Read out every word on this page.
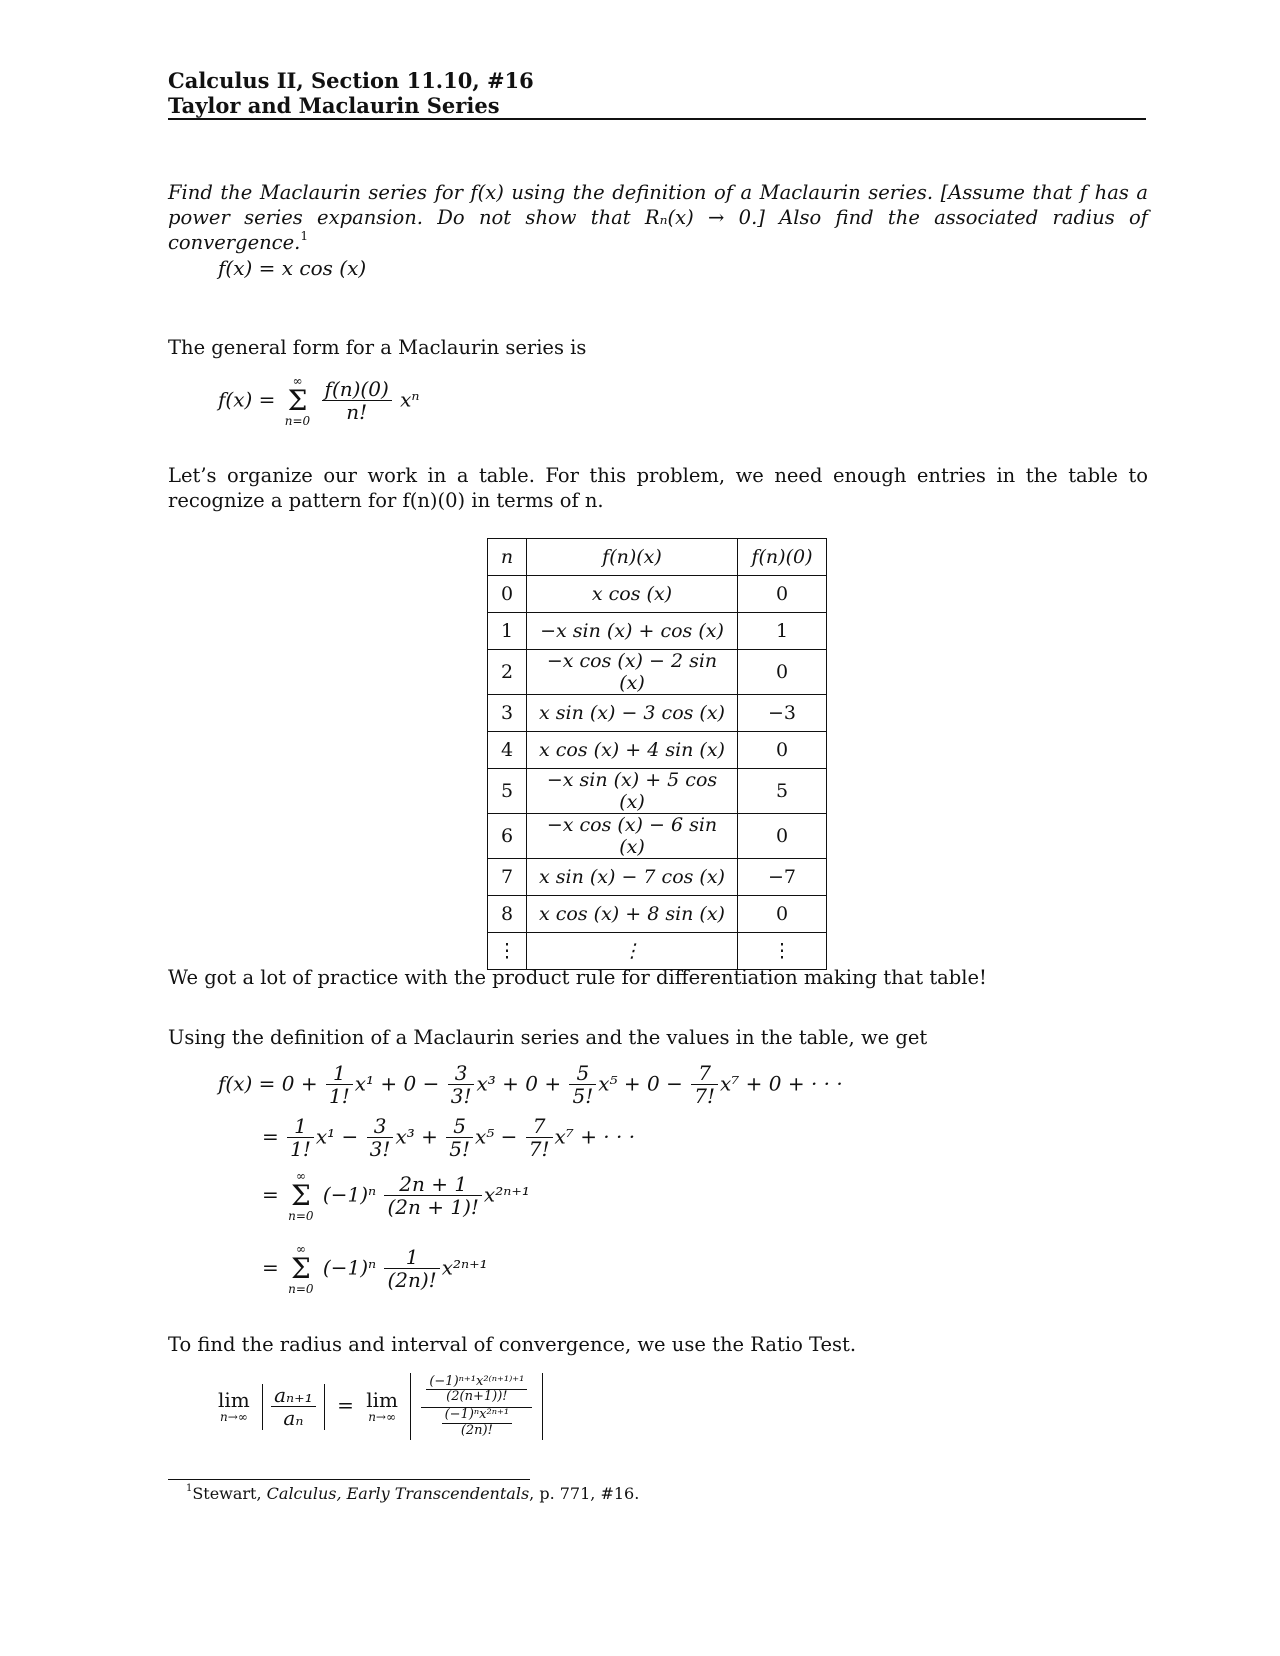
Calculus II, Section 11.10, #16
Taylor and Maclaurin Series
Find the Maclaurin series for f(x) using the definition of a Maclaurin series. [Assume that f has a power series expansion. Do not show that Rₙ(x) → 0.] Also find the associated radius of convergence.$^1$
f(x) = x cos (x)
The general form for a Maclaurin series is
f(x) =
∞
Σ
n=0
$\frac{f(n)(0)}{n!}$ xⁿ
Let’s organize our work in a table. For this problem, we need enough entries in the table to recognize a pattern for f(n)(0) in terms of n.
n	f(n)(x)	f(n)(0)
0	x cos (x)	0
1	−x sin (x) + cos (x)	1
2	−x cos (x) − 2 sin (x)	0
3	x sin (x) − 3 cos (x)	−3
4	x cos (x) + 4 sin (x)	0
5	−x sin (x) + 5 cos (x)	5
6	−x cos (x) − 6 sin (x)	0
7	x sin (x) − 7 cos (x)	−7
8	x cos (x) + 8 sin (x)	0
⋮	⋮	⋮
We got a lot of practice with the product rule for differentiation making that table!
Using the definition of a Maclaurin series and the values in the table, we get
$f(x) = 0 + \frac{1}{1!} x^1 + 0 - \frac{3}{3!} x^3 + 0 + \frac{5}{5!} x^5 + 0 - \frac{7}{7!} x^7 + 0$ + · · ·
= $\frac{1}{1!} x^1 - \frac{3}{3!} x^3 + \frac{5}{5!} x^5 - \frac{7}{7!} x^7$ + · · ·
=
∞
Σ
n=0
$(-1)^n \frac{2n + 1}{(2n + 1)!} x^{2n+1}$
=
∞
Σ
n=0
$(-1)^n \frac{1}{(2n)!} x^{2n+1}$
To find the radius and interval of convergence, we use the Ratio Test.
lim
n→∞
$\frac{\text{aₙ₊₁}}{\text{aₙ}} = \lim$
n→∞
$\frac{\frac{\text{(−1)ⁿ⁺¹x²⁽ⁿ⁺¹⁾⁺¹}}{(2(n+1))!}}{\frac{\text{(−1)ⁿx²ⁿ⁺¹}}{(2n)!}}$
$^1$Stewart, Calculus, Early Transcendentals, p. 771, #16.
